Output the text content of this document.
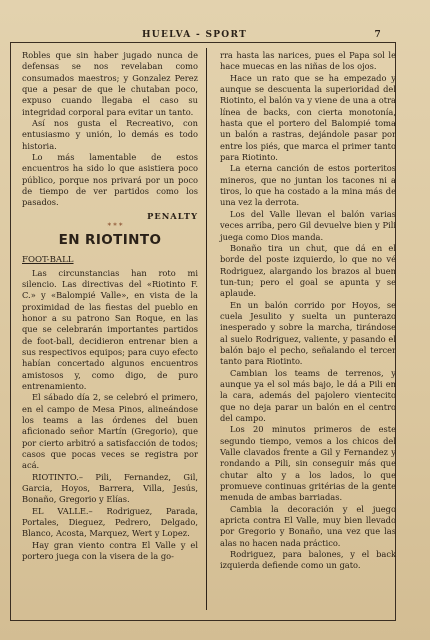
HUELVA - SPORT	7

Robles que sin haber jugado nunca de defensas se nos revelaban como consumados maestros; y Gonzalez Perez que a pesar de que le chutaban poco, expuso cuando llegaba el caso su integridad corporal para evitar un tanto.

Así nos gusta el Recreativo, con entusiasmo y unión, lo demás es todo historia.

Lo más lamentable de estos encuentros ha sido lo que asistiera poco público, porque nos privará por un poco de tiempo de ver partidos como los pasados.

PENALTY

* * *

EN RIOTINTO

FOOT-BALL

Las circunstancias han roto mi silencio. Las directivas del «Riotinto F. C.» y «Balompié Valle», en vista de la proximidad de las fiestas del pueblo en honor a su patrono San Roque, en las que se celebrarán importantes partidos de foot-ball, decidieron entrenar bien a sus respectivos equipos; para cuyo efecto habían concertado algunos encuentros amistosos y, como digo, de puro entrenamiento.

El sábado día 2, se celebró el primero, en el campo de Mesa Pinos, alineándose los teams a las órdenes del buen aficionado señor Martín (Gregorio), que por cierto arbitró a satisfacción de todos; casos que pocas veces se registra por acá.

RIOTINTO.– Pili, Fernandez, Gil, Garcia, Hoyos, Barrera, Villa, Jesús, Bonaño, Gregorio y Elías.

EL VALLE.– Rodriguez, Parada, Portales, Dieguez, Pedrero, Delgado, Blanco, Acosta, Marquez, Wert y Lopez.

Hay gran viento contra El Valle y el portero juega con la visera de la go-

rra hasta las narices, pues el Papa sol le hace muecas en las niñas de los ojos.

Hace un rato que se ha empezado y aunque se descuenta la superioridad del Riotinto, el balón va y viene de una a otra línea de backs, con cierta monotonía, hasta que el portero del Balompié toma un balón a rastras, dejándole pasar por entre los piés, que marca el primer tanto para Riotinto.

La eterna canción de estos porteritos mineros, que no juntan los tacones ni a tiros, lo que ha costado a la mina más de una vez la derrota.

Los del Valle llevan el balón varias veces arriba, pero Gil devuelve bien y Pili juega como Dios manda.

Bonaño tira un chut, que dá en el borde del poste izquierdo, lo que no vé Rodriguez, alargando los brazos al buen tun-tun; pero el goal se apunta y se aplaude.

En un balón corrido por Hoyos, se cuela Jesulito y suelta un punterazo inesperado y sobre la marcha, tirándose al suelo Rodriguez, valiente, y pasando el balón bajo el pecho, señalando el tercer tanto para Riotinto.

Cambian los teams de terrenos, y aunque ya el sol más bajo, le dá a Pili en la cara, además del pajolero vientecito que no deja parar un balón en el centro del campo.

Los 20 minutos primeros de este segundo tiempo, vemos a los chicos del Valle clavados frente a Gil y Fernandez y rondando a Pili, sin conseguir más que chutar alto y a los lados, lo que promueve continuas gritérias de la gente menuda de ambas barriadas.

Cambia la decoración y el juego apricta contra El Valle, muy bien llevado por Gregorio y Bonaño, una vez que las alas no hacen nada práctico.

Rodriguez, para balones, y el back izquierda defiende como un gato.
